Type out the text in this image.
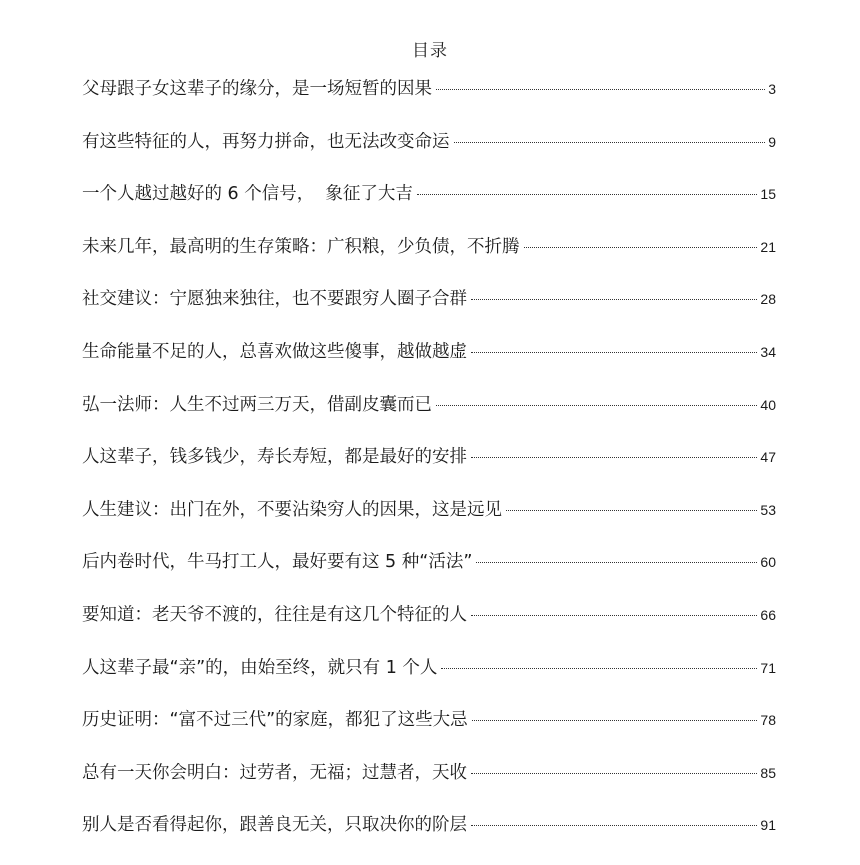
目录
父母跟子女这辈子的缘分，是一场短暂的因果	3
有这些特征的人，再努力拼命，也无法改变命运	9
一个人越过越好的 6 个信号，  象征了大吉	15
未来几年，最高明的生存策略：广积粮，少负债，不折腾	21
社交建议：宁愿独来独往，也不要跟穷人圈子合群	28
生命能量不足的人，总喜欢做这些傻事，越做越虚	34
弘一法师：人生不过两三万天，借副皮囊而已	40
人这辈子，钱多钱少，寿长寿短，都是最好的安排	47
人生建议：出门在外，不要沾染穷人的因果，这是远见	53
后内卷时代，牛马打工人，最好要有这 5 种“活法”	60
要知道：老天爷不渡的，往往是有这几个特征的人	66
人这辈子最“亲”的，由始至终，就只有 1 个人	71
历史证明：“富不过三代”的家庭，都犯了这些大忌	78
总有一天你会明白：过劳者，无福；过慧者，天收	85
别人是否看得起你，跟善良无关，只取决你的阶层	91
